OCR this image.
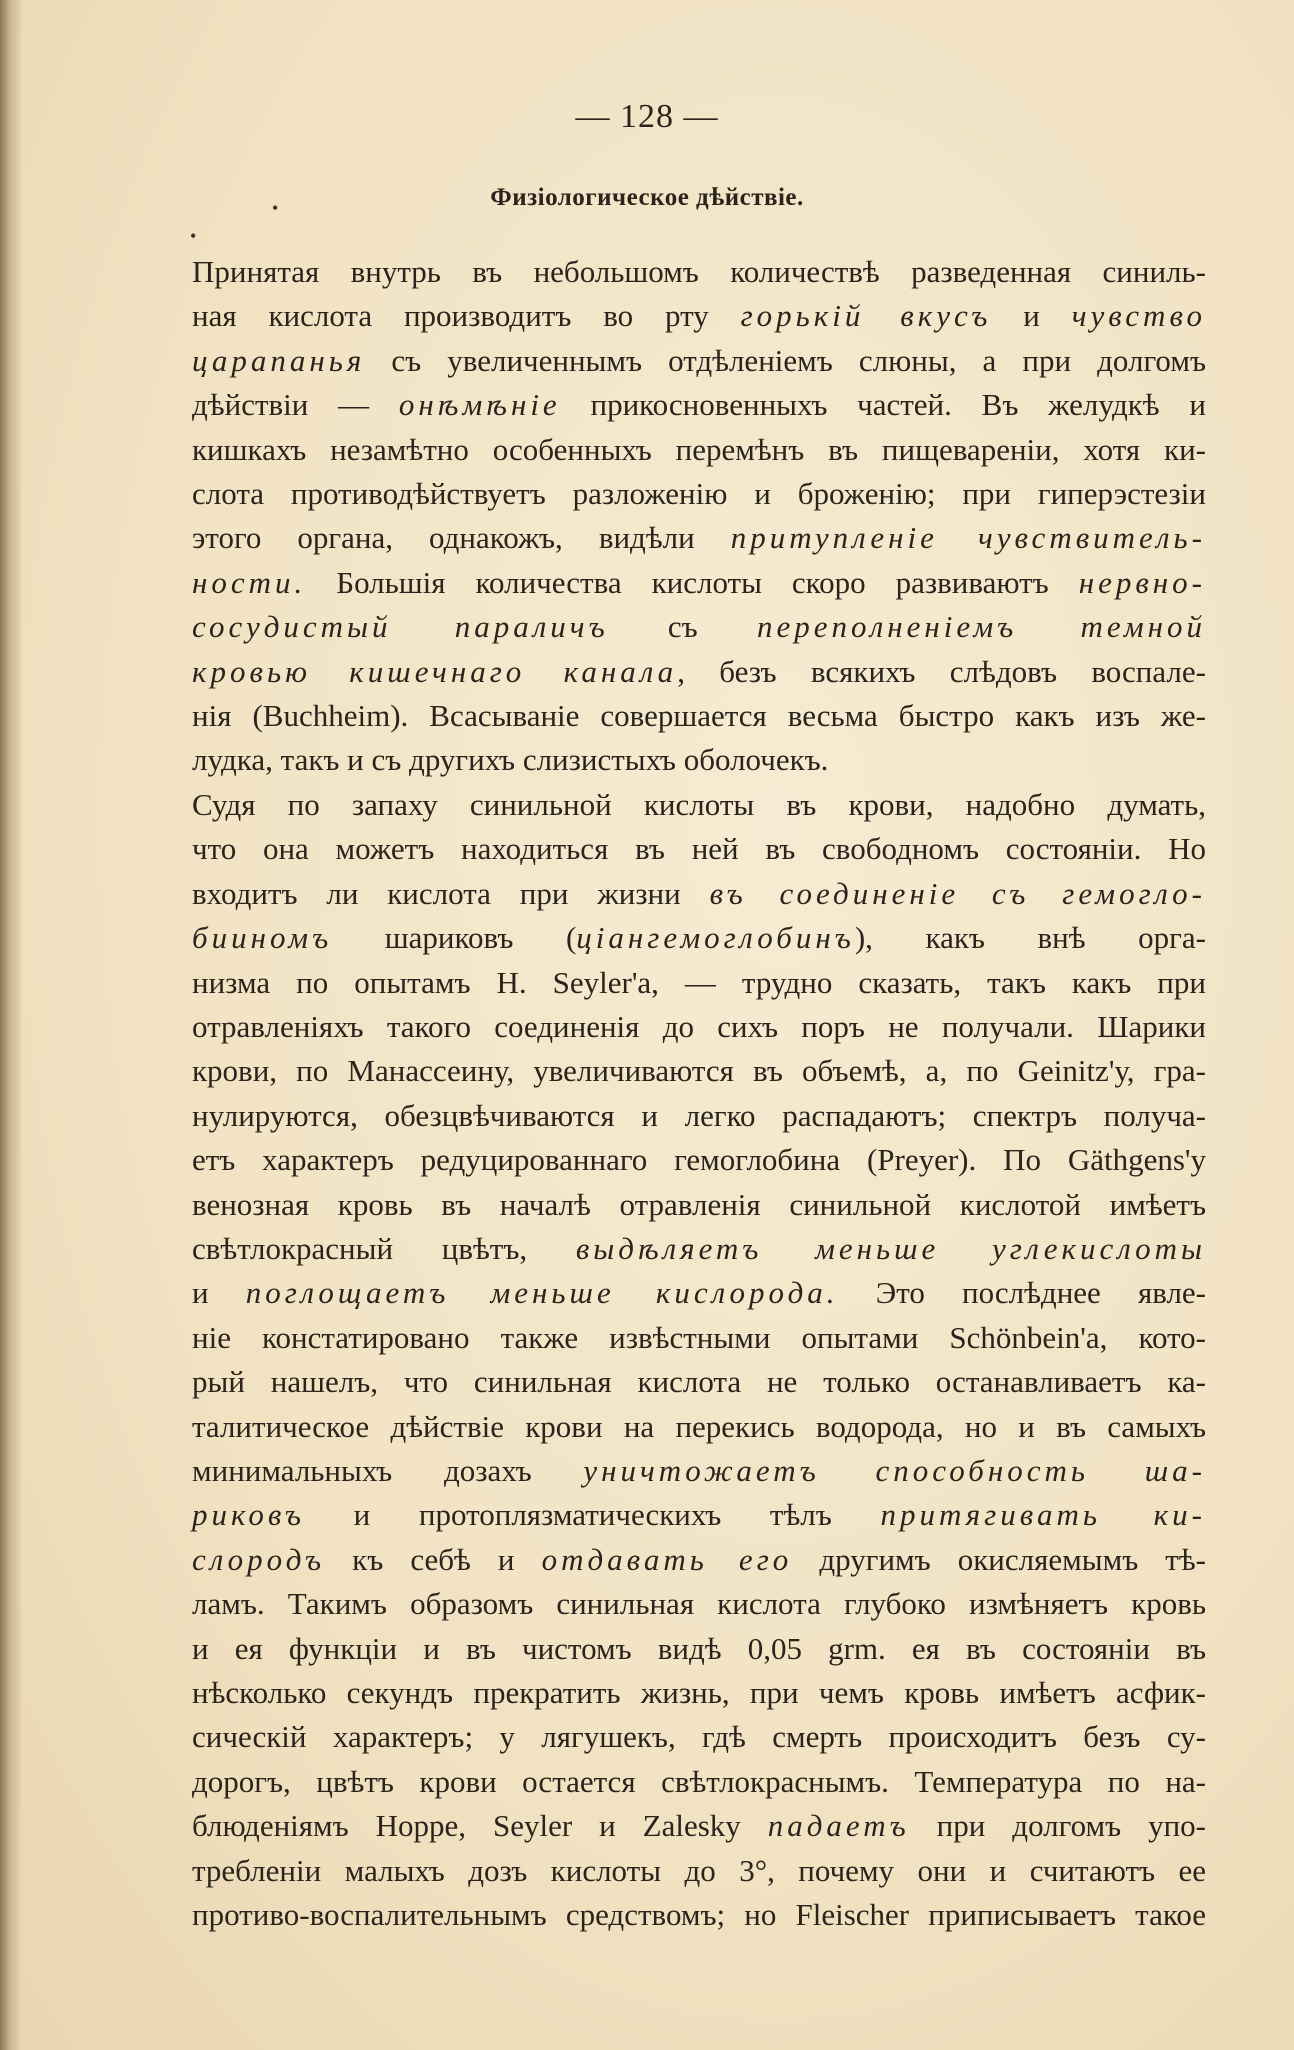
— 128 —
Физiологическое дѣйствiе.
•
•
Принятая внутрь въ небольшомъ количествѣ разведенная синиль-
ная кислота производитъ во рту горькiй вкусъ и чувство
царапанья съ увеличеннымъ отдѣленiемъ слюны, а при долгомъ
дѣйствiи — онѣмѣнiе прикосновенныхъ частей. Въ желудкѣ и
кишкахъ незамѣтно особенныхъ перемѣнъ въ пищеваренiи, хотя ки-
слота противодѣйствуетъ разложенiю и броженiю; при гиперэстезiи
этого органа, однакожъ, видѣли притупленiе чувствитель-
ности. Большiя количества кислоты скоро развиваютъ нервно-
сосудистый параличъ съ переполненiемъ темной
кровью кишечнаго канала, безъ всякихъ слѣдовъ воспале-
нiя (Buchheim). Всасыванiе совершается весьма быстро какъ изъ же-
лудка, такъ и съ другихъ слизистыхъ оболочекъ.
Судя по запаху синильной кислоты въ крови, надобно думать,
что она можетъ находиться въ ней въ свободномъ состоянiи. Но
входитъ ли кислота при жизни въ соединенiе съ гемогло-
бииномъ шариковъ (цiангемоглобинъ), какъ внѣ орга-
низма по опытамъ H. Seyler'a, — трудно сказать, такъ какъ при
отравленiяхъ такого соединенiя до сихъ поръ не получали. Шарики
крови, по Манассеину, увеличиваются въ объемѣ, а, по Geinitz'у, гра-
нулируются, обезцвѣчиваются и легко распадаютъ; спектръ получа-
етъ характеръ редуцированнаго гемоглобина (Preyer). По Gäthgens'у
венозная кровь въ началѣ отравленiя синильной кислотой имѣетъ
свѣтлокрасный цвѣтъ, выдѣляетъ меньше углекислоты
и поглощаетъ меньше кислорода. Это послѣднее явле-
нiе констатировано также извѣстными опытами Schönbein'a, кото-
рый нашелъ, что синильная кислота не только останавливаетъ ка-
талитическое дѣйствiе крови на перекись водорода, но и въ самыхъ
минимальныхъ дозахъ уничтожаетъ способность ша-
риковъ и протоплязматическихъ тѣлъ притягивать ки-
слородъ къ себѣ и отдавать его другимъ окисляемымъ тѣ-
ламъ. Такимъ образомъ синильная кислота глубоко измѣняетъ кровь
и ея функцiи и въ чистомъ видѣ 0,05 grm. ея въ состоянiи въ
нѣсколько секундъ прекратить жизнь, при чемъ кровь имѣетъ асфик-
сическiй характеръ; у лягушекъ, гдѣ смерть происходитъ безъ су-
дорогъ, цвѣтъ крови остается свѣтлокраснымъ. Температура по на-
блюденiямъ Hoppe, Seyler и Zalesky падаетъ при долгомъ упо-
требленiи малыхъ дозъ кислоты до 3°, почему они и считаютъ ее
противо-воспалительнымъ средствомъ; но Fleischer приписываетъ такое
